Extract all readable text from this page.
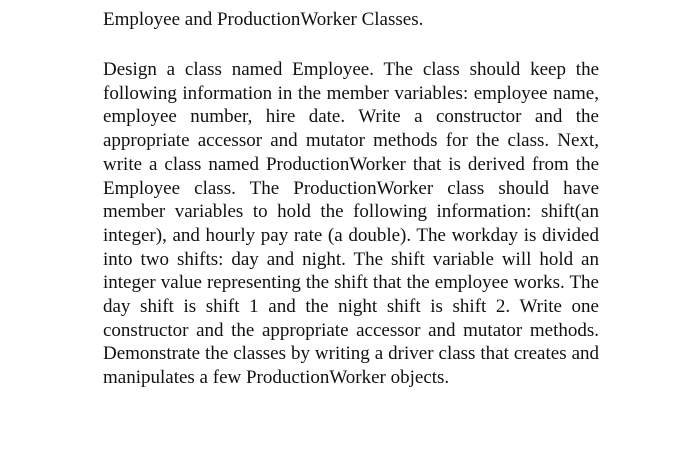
Employee and ProductionWorker Classes.

Design a class named Employee. The class should keep the following information in the member variables: employee name, employee number, hire date. Write a constructor and the appropriate accessor and mutator methods for the class. Next, write a class named ProductionWorker that is derived from the Employee class. The ProductionWorker class should have member variables to hold the following information: shift(an integer), and hourly pay rate (a double). The workday is divided into two shifts: day and night. The shift variable will hold an integer value representing the shift that the employee works. The day shift is shift 1 and the night shift is shift 2. Write one constructor and the appropriate accessor and mutator methods. Demonstrate the classes by writing a driver class that creates and manipulates a few ProductionWorker objects.
